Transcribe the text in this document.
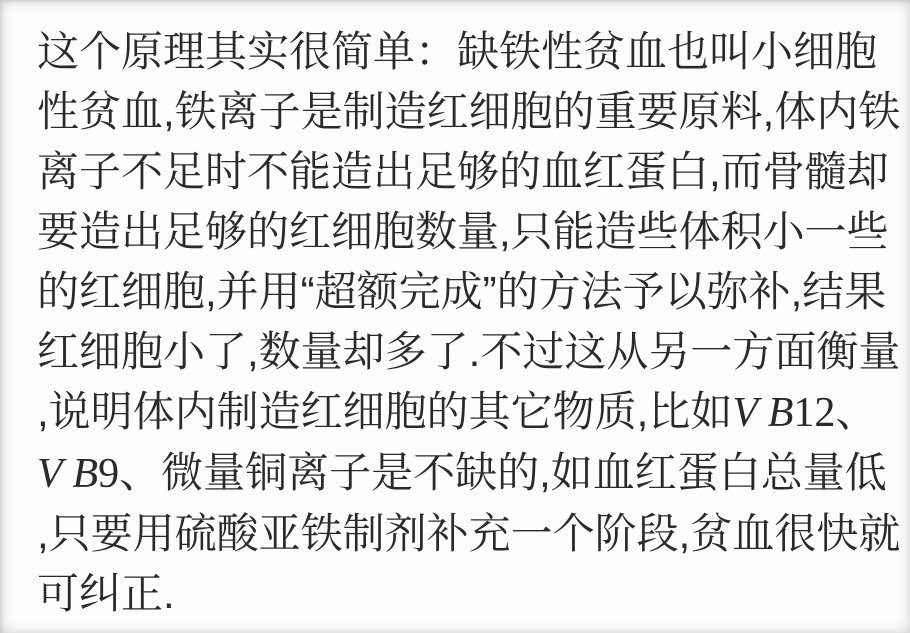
这个原理其实很简单：缺铁性贫血也叫小细胞
性贫血,铁离子是制造红细胞的重要原料,体内铁
离子不足时不能造出足够的血红蛋白,而骨髓却
要造出足够的红细胞数量,只能造些体积小一些
的红细胞,并用“超额完成”的方法予以弥补,结果
红细胞小了,数量却多了.不过这从另一方面衡量
,说明体内制造红细胞的其它物质,比如V B12、
V B9、微量铜离子是不缺的,如血红蛋白总量低
,只要用硫酸亚铁制剂补充一个阶段,贫血很快就
可纠正.
